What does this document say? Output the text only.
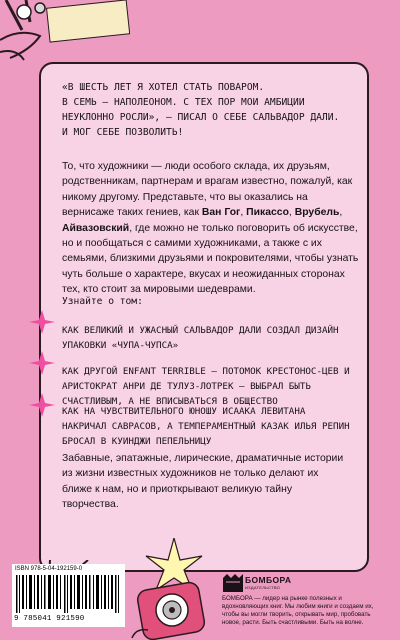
«В ШЕСТЬ ЛЕТ Я ХОТЕЛ СТАТЬ ПОВАРОМ.
В СЕМЬ — НАПОЛЕОНОМ. С ТЕХ ПОР МОИ АМБИЦИИ
НЕУКЛОННО РОСЛИ», — ПИСАЛ О СЕБЕ САЛЬВАДОР ДАЛИ.
И МОГ СЕБЕ ПОЗВОЛИТЬ!
То, что художники — люди особого склада, их друзьям, родственникам, партнерам и врагам известно, пожалуй, как никому другому. Представьте, что вы оказались на вернисаже таких гениев, как Ван Гог, Пикассо, Врубель, Айвазовский, где можно не только поговорить об искусстве, но и пообщаться с самими художниками, а также с их семьями, близкими друзьями и покровителями, чтобы узнать чуть больше о характере, вкусах и неожиданных сторонах тех, кто стоит за мировыми шедеврами.
Узнайте о том:
КАК ВЕЛИКИЙ И УЖАСНЫЙ САЛЬВАДОР ДАЛИ СОЗДАЛ ДИЗАЙН УПАКОВКИ «ЧУПА-ЧУПСА»
КАК ДРУГОЙ ENFANT TERRIBLE — ПОТОМОК КРЕСТОНОС-ЦЕВ И АРИСТОКРАТ АНРИ ДЕ ТУЛУЗ-ЛОТРЕК — ВЫБРАЛ БЫТЬ СЧАСТЛИВЫМ, А НЕ ВПИСЫВАТЬСЯ В ОБЩЕСТВО
КАК НА ЧУВСТВИТЕЛЬНОГО ЮНОШУ ИСААКА ЛЕВИТАНА НАКРИЧАЛ САВРАСОВ, А ТЕМПЕРАМЕНТНЫЙ КАЗАК ИЛЬЯ РЕПИН БРОСАЛ В КУИНДЖИ ПЕПЕЛЬНИЦУ
Забавные, эпатажные, лирические, драматичные истории из жизни известных художников не только делают их ближе к нам, но и приоткрывают великую тайну творчества.
ISBN 978-5-04-192159-0
9 785041 921590
БОМБОРА
ИЗДАТЕЛЬСТВО
БОМБОРА — лидер на рынке полезных и вдохновляющих книг. Мы любим книги и создаем их, чтобы вы могли творить, открывать мир, пробовать новое, расти. Быть счастливыми. Быть на волне.
